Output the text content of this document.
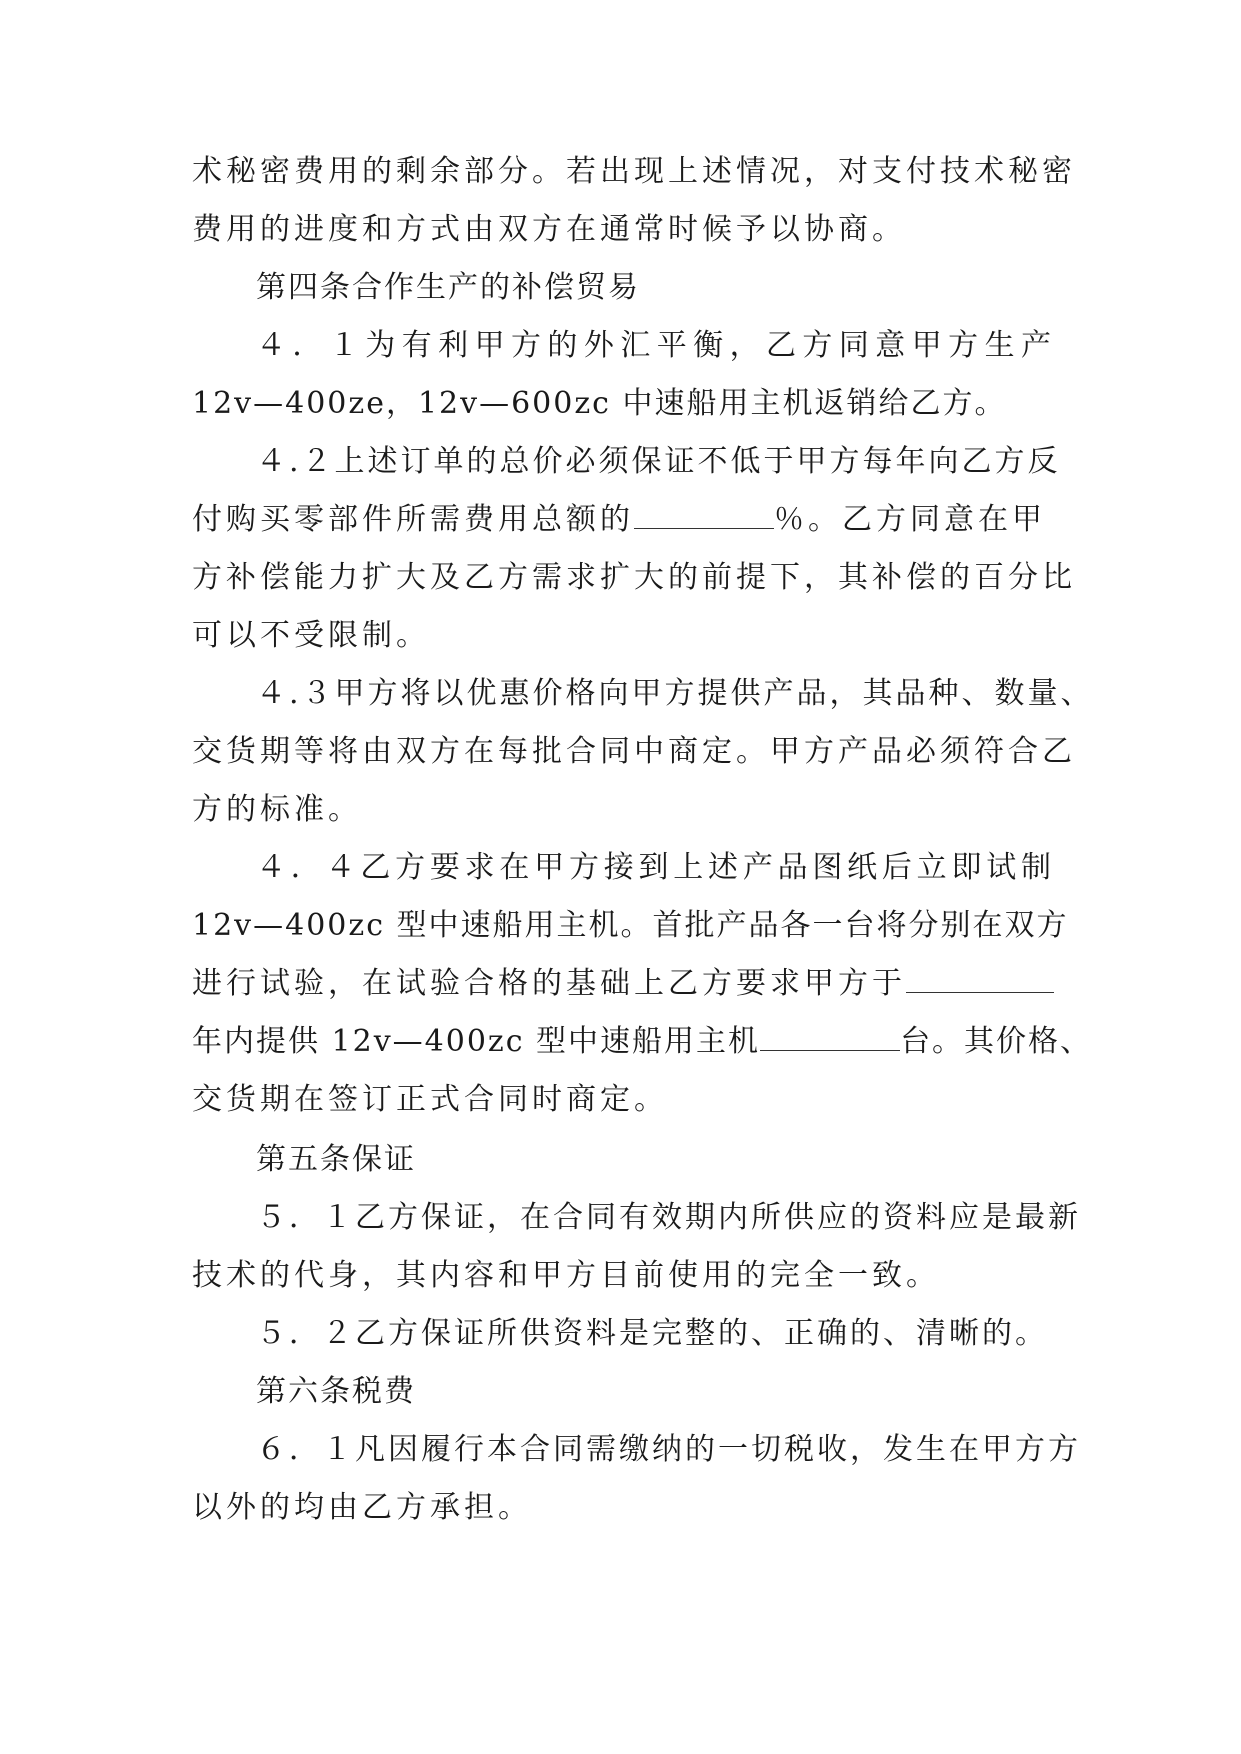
术秘密费用的剩余部分。若出现上述情况，对支付技术秘密
费用的进度和方式由双方在通常时候予以协商。
第四条合作生产的补偿贸易
４．１为有利甲方的外汇平衡，乙方同意甲方生产
12v—400ze，12v—600zc 中速船用主机返销给乙方。
４.２上述订单的总价必须保证不低于甲方每年向乙方反
付购买零部件所需费用总额的	％。乙方同意在甲
方补偿能力扩大及乙方需求扩大的前提下，其补偿的百分比
可以不受限制。
４.３甲方将以优惠价格向甲方提供产品，其品种、数量、
交货期等将由双方在每批合同中商定。甲方产品必须符合乙
方的标准。
４．４乙方要求在甲方接到上述产品图纸后立即试制
12v—400zc 型中速船用主机。首批产品各一台将分别在双方
进行试验，在试验合格的基础上乙方要求甲方于
年内提供 12v—400zc 型中速船用主机	台。其价格、
交货期在签订正式合同时商定。
第五条保证
５．１乙方保证，在合同有效期内所供应的资料应是最新
技术的代身，其内容和甲方目前使用的完全一致。
５．２乙方保证所供资料是完整的、正确的、清晰的。
第六条税费
６．１凡因履行本合同需缴纳的一切税收，发生在甲方方
以外的均由乙方承担。
